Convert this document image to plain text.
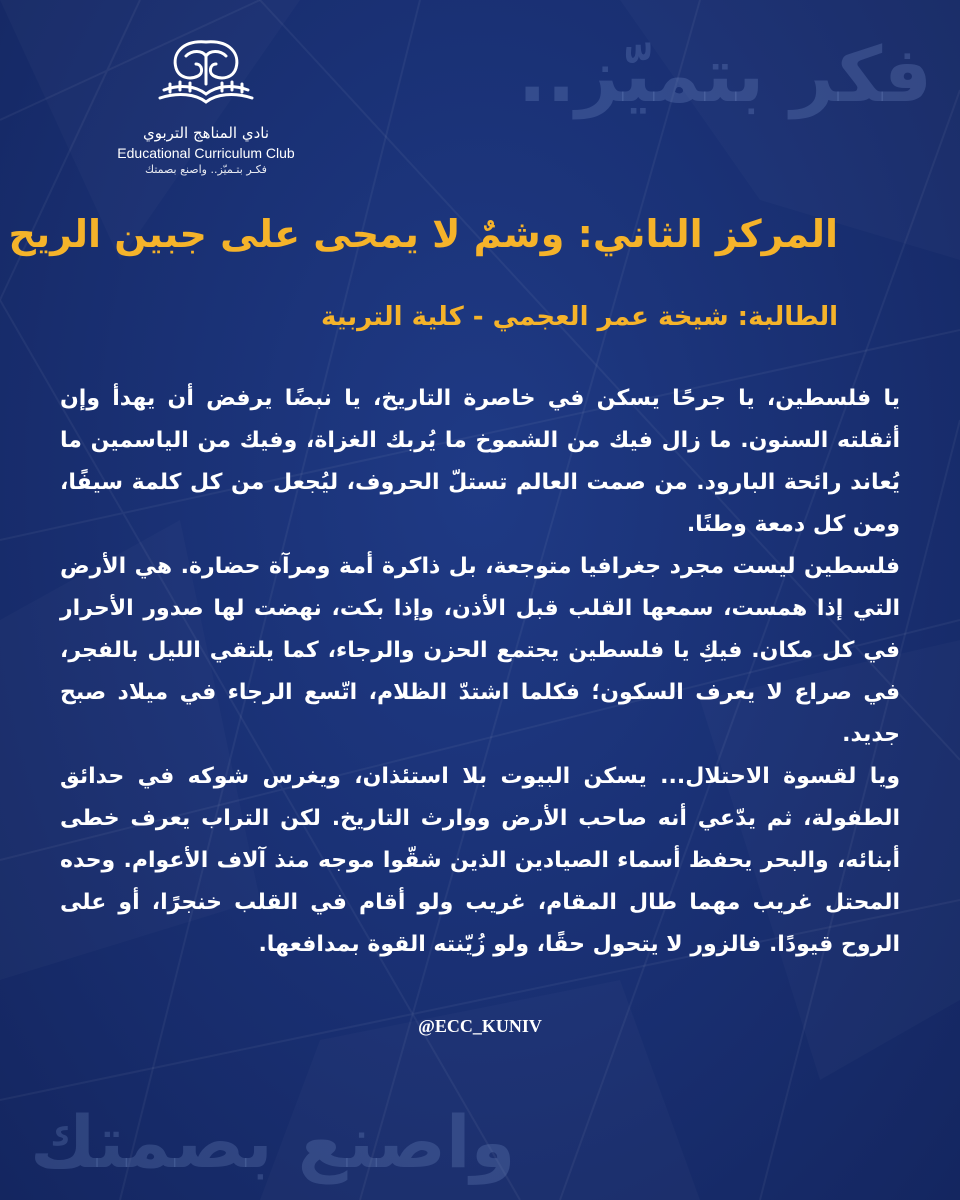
فكر بتميّز..
واصنع بصمتك
نادي المناهج التربوي
Educational Curriculum Club
فكـر بتـميّز.. واصنع بصمتك
المركز الثاني: وشمٌ لا يمحى على جبين الريح
الطالبة: شيخة عمر العجمي - كلية التربية

يا فلسطين، يا جرحًا يسكن في خاصرة التاريخ، يا نبضًا يرفض أن يهدأ وإن أثقلته السنون. ما زال فيك من الشموخ ما يُربك الغزاة، وفيك من الياسمين ما يُعاند رائحة البارود. من صمت العالم تستلّ الحروف، ليُجعل من كل كلمة سيفًا، ومن كل دمعة وطنًا.

فلسطين ليست مجرد جغرافيا متوجعة، بل ذاكرة أمة ومرآة حضارة. هي الأرض التي إذا همست، سمعها القلب قبل الأذن، وإذا بكت، نهضت لها صدور الأحرار في كل مكان. فيكِ يا فلسطين يجتمع الحزن والرجاء، كما يلتقي الليل بالفجر، في صراع لا يعرف السكون؛ فكلما اشتدّ الظلام، اتّسع الرجاء في ميلاد صبح جديد.

ويا لقسوة الاحتلال... يسكن البيوت بلا استئذان، ويغرس شوكه في حدائق الطفولة، ثم يدّعي أنه صاحب الأرض ووارث التاريخ. لكن التراب يعرف خطى أبنائه، والبحر يحفظ أسماء الصيادين الذين شقّوا موجه منذ آلاف الأعوام. وحده المحتل غريب مهما طال المقام، غريب ولو أقام في القلب خنجرًا، أو على الروح قيودًا. فالزور لا يتحول حقًا، ولو زُيّنته القوة بمدافعها.

@ECC_KUNIV
